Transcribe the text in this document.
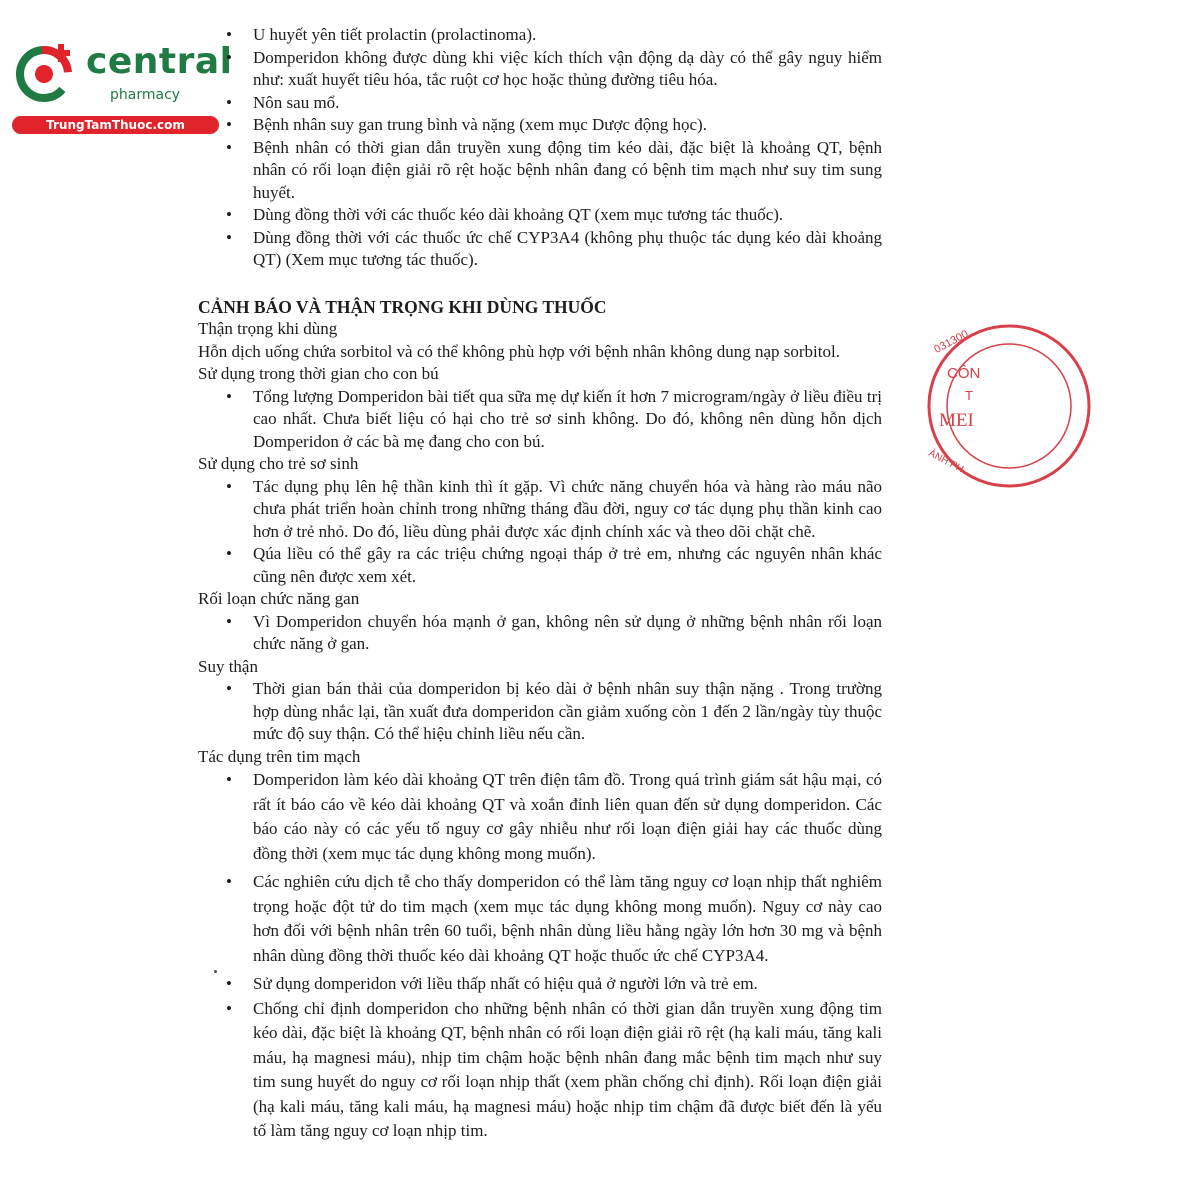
central
pharmacy
TrungTamThuoc.com
031300
CÔN
T
MEI
ÀNH PH
• U huyết yên tiết prolactin (prolactinoma).
• Domperidon không được dùng khi việc kích thích vận động dạ dày có thể gây nguy hiểm như: xuất huyết tiêu hóa, tắc ruột cơ học hoặc thủng đường tiêu hóa.
• Nôn sau mổ.
• Bệnh nhân suy gan trung bình và nặng (xem mục Dược động học).
• Bệnh nhân có thời gian dẫn truyền xung động tim kéo dài, đặc biệt là khoảng QT, bệnh nhân có rối loạn điện giải rõ rệt hoặc bệnh nhân đang có bệnh tim mạch như suy tim sung huyết.
• Dùng đồng thời với các thuốc kéo dài khoảng QT (xem mục tương tác thuốc).
• Dùng đồng thời với các thuốc ức chế CYP3A4 (không phụ thuộc tác dụng kéo dài khoảng QT) (Xem mục tương tác thuốc).
CẢNH BÁO VÀ THẬN TRỌNG KHI DÙNG THUỐC
Thận trọng khi dùng
Hỗn dịch uống chứa sorbitol và có thể không phù hợp với bệnh nhân không dung nạp sorbitol.
Sử dụng trong thời gian cho con bú
• Tổng lượng Domperidon bài tiết qua sữa mẹ dự kiến ít hơn 7 microgram/ngày ở liều điều trị cao nhất. Chưa biết liệu có hại cho trẻ sơ sinh không. Do đó, không nên dùng hỗn dịch Domperidon ở các bà mẹ đang cho con bú.
Sử dụng cho trẻ sơ sinh
• Tác dụng phụ lên hệ thần kinh thì ít gặp. Vì chức năng chuyển hóa và hàng rào máu não chưa phát triển hoàn chỉnh trong những tháng đầu đời, nguy cơ tác dụng phụ thần kinh cao hơn ở trẻ nhỏ. Do đó, liều dùng phải được xác định chính xác và theo dõi chặt chẽ.
• Qúa liều có thể gây ra các triệu chứng ngoại tháp ở trẻ em, nhưng các nguyên nhân khác cũng nên được xem xét.
Rối loạn chức năng gan
• Vì Domperidon chuyển hóa mạnh ở gan, không nên sử dụng ở những bệnh nhân rối loạn chức năng ở gan.
Suy thận
• Thời gian bán thải của domperidon bị kéo dài ở bệnh nhân suy thận nặng . Trong trường hợp dùng nhắc lại, tần xuất đưa domperidon cần giảm xuống còn 1 đến 2 lần/ngày tùy thuộc mức độ suy thận. Có thể hiệu chỉnh liều nếu cần.
Tác dụng trên tim mạch
• Domperidon làm kéo dài khoảng QT trên điện tâm đồ. Trong quá trình giám sát hậu mại, có rất ít báo cáo về kéo dài khoảng QT và xoắn đỉnh liên quan đến sử dụng domperidon. Các báo cáo này có các yếu tố nguy cơ gây nhiễu như rối loạn điện giải hay các thuốc dùng đồng thời (xem mục tác dụng không mong muốn).
• Các nghiên cứu dịch tễ cho thấy domperidon có thể làm tăng nguy cơ loạn nhịp thất nghiêm trọng hoặc đột tử do tim mạch (xem mục tác dụng không mong muốn). Nguy cơ này cao hơn đối với bệnh nhân trên 60 tuổi, bệnh nhân dùng liều hằng ngày lớn hơn 30 mg và bệnh nhân dùng đồng thời thuốc kéo dài khoảng QT hoặc thuốc ức chế CYP3A4.
• Sử dụng domperidon với liều thấp nhất có hiệu quả ở người lớn và trẻ em.
• Chống chỉ định domperidon cho những bệnh nhân có thời gian dẫn truyền xung động tim kéo dài, đặc biệt là khoảng QT, bệnh nhân có rối loạn điện giải rõ rệt (hạ kali máu, tăng kali máu, hạ magnesi máu), nhịp tim chậm hoặc bệnh nhân đang mắc bệnh tim mạch như suy tim sung huyết do nguy cơ rối loạn nhịp thất (xem phần chống chỉ định). Rối loạn điện giải (hạ kali máu, tăng kali máu, hạ magnesi máu) hoặc nhịp tim chậm đã được biết đến là yếu tố làm tăng nguy cơ loạn nhịp tim.
